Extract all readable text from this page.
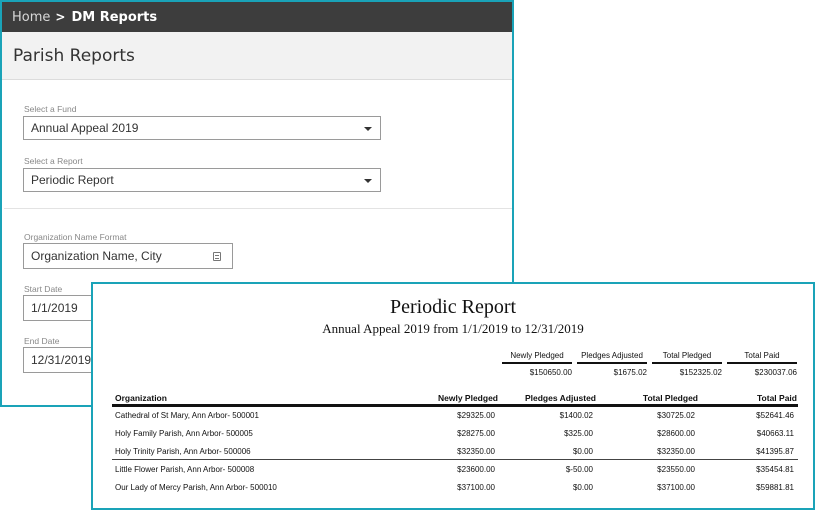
Home > DM Reports
Parish Reports
Select a Fund
Annual Appeal 2019
Select a Report
Periodic Report
Organization Name Format
Organization Name, City
Start Date
1/1/2019
End Date
12/31/2019
Periodic Report
Annual Appeal 2019 from 1/1/2019 to 12/31/2019
Newly Pledged
$150650.00
Pledges Adjusted
$1675.02
Total Pledged
$152325.02
Total Paid
$230037.06
Organization	Newly Pledged	Pledges Adjusted	Total Pledged	Total Paid
Cathedral of St Mary, Ann Arbor- 500001	$29325.00	$1400.02	$30725.02	$52641.46
Holy Family Parish, Ann Arbor- 500005	$28275.00	$325.00	$28600.00	$40663.11
Holy Trinity Parish, Ann Arbor- 500006	$32350.00	$0.00	$32350.00	$41395.87
Little Flower Parish, Ann Arbor- 500008	$23600.00	$-50.00	$23550.00	$35454.81
Our Lady of Mercy Parish, Ann Arbor- 500010	$37100.00	$0.00	$37100.00	$59881.81
